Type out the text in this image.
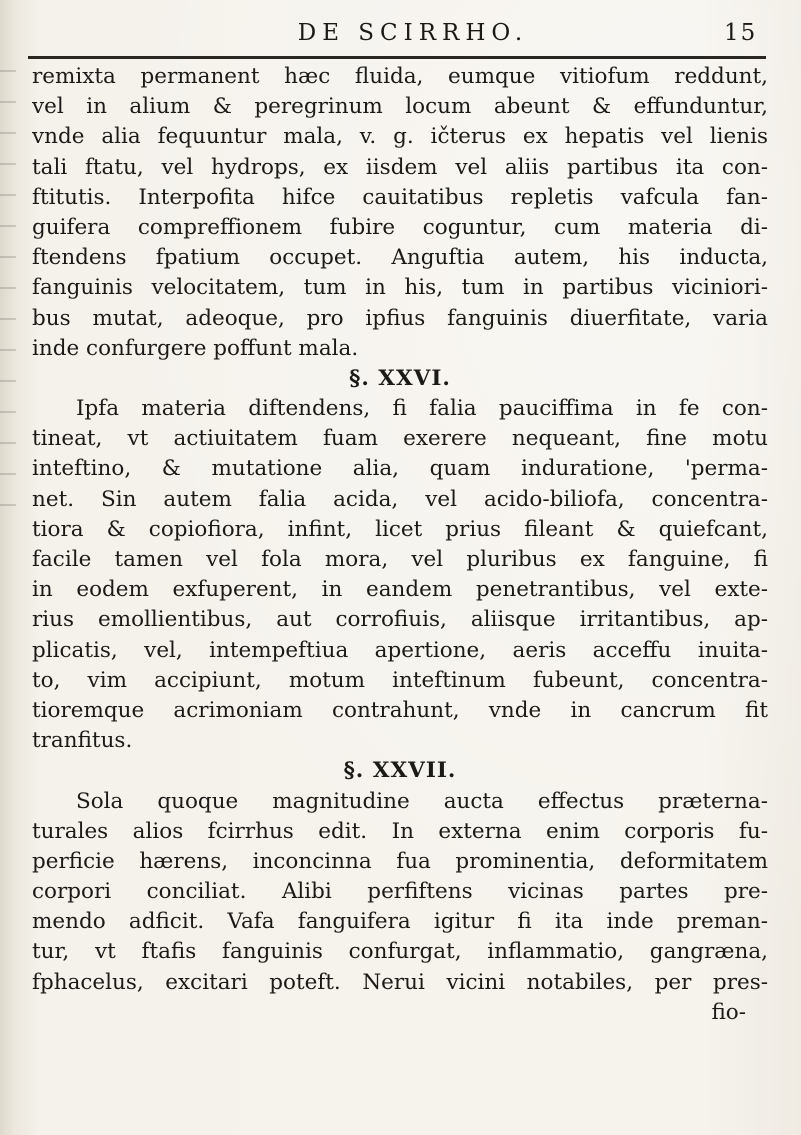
DE SCIRRHO.	15
remixta permanent hæc fluida, eumque vitiofum reddunt,
vel in alium & peregrinum locum abeunt & effunduntur,
vnde alia fequuntur mala, v. g. ičterus ex hepatis vel lienis
tali ftatu, vel hydrops, ex iisdem vel aliis partibus ita con-
ftitutis. Interpofita hifce cauitatibus repletis vafcula fan-
guifera compreffionem fubire coguntur, cum materia di-
ftendens fpatium occupet. Anguftia autem, his inducta,
fanguinis velocitatem, tum in his, tum in partibus viciniori-
bus mutat, adeoque, pro ipfius fanguinis diuerfitate, varia
inde confurgere poffunt mala.
§. XXVI.
Ipfa materia diftendens, fi falia pauciffima in fe con-
tineat, vt actiuitatem fuam exerere nequeant, fine motu
inteftino, & mutatione alia, quam induratione, 'perma-
net. Sin autem falia acida, vel acido-biliofa, concentra-
tiora & copiofiora, infint, licet prius fileant & quiefcant,
facile tamen vel fola mora, vel pluribus ex fanguine, fi
in eodem exfuperent, in eandem penetrantibus, vel exte-
rius emollientibus, aut corrofiuis, aliisque irritantibus, ap-
plicatis, vel, intempeftiua apertione, aeris acceffu inuita-
to, vim accipiunt, motum inteftinum fubeunt, concentra-
tioremque acrimoniam contrahunt, vnde in cancrum fit
tranfitus.
§. XXVII.
Sola quoque magnitudine aucta effectus præterna-
turales alios fcirrhus edit. In externa enim corporis fu-
perficie hærens, inconcinna fua prominentia, deformitatem
corpori conciliat. Alibi perfiftens vicinas partes pre-
mendo adficit. Vafa fanguifera igitur fi ita inde preman-
tur, vt ftafis fanguinis confurgat, inflammatio, gangræna,
fphacelus, excitari poteft. Nerui vicini notabiles, per pres-
fio-
